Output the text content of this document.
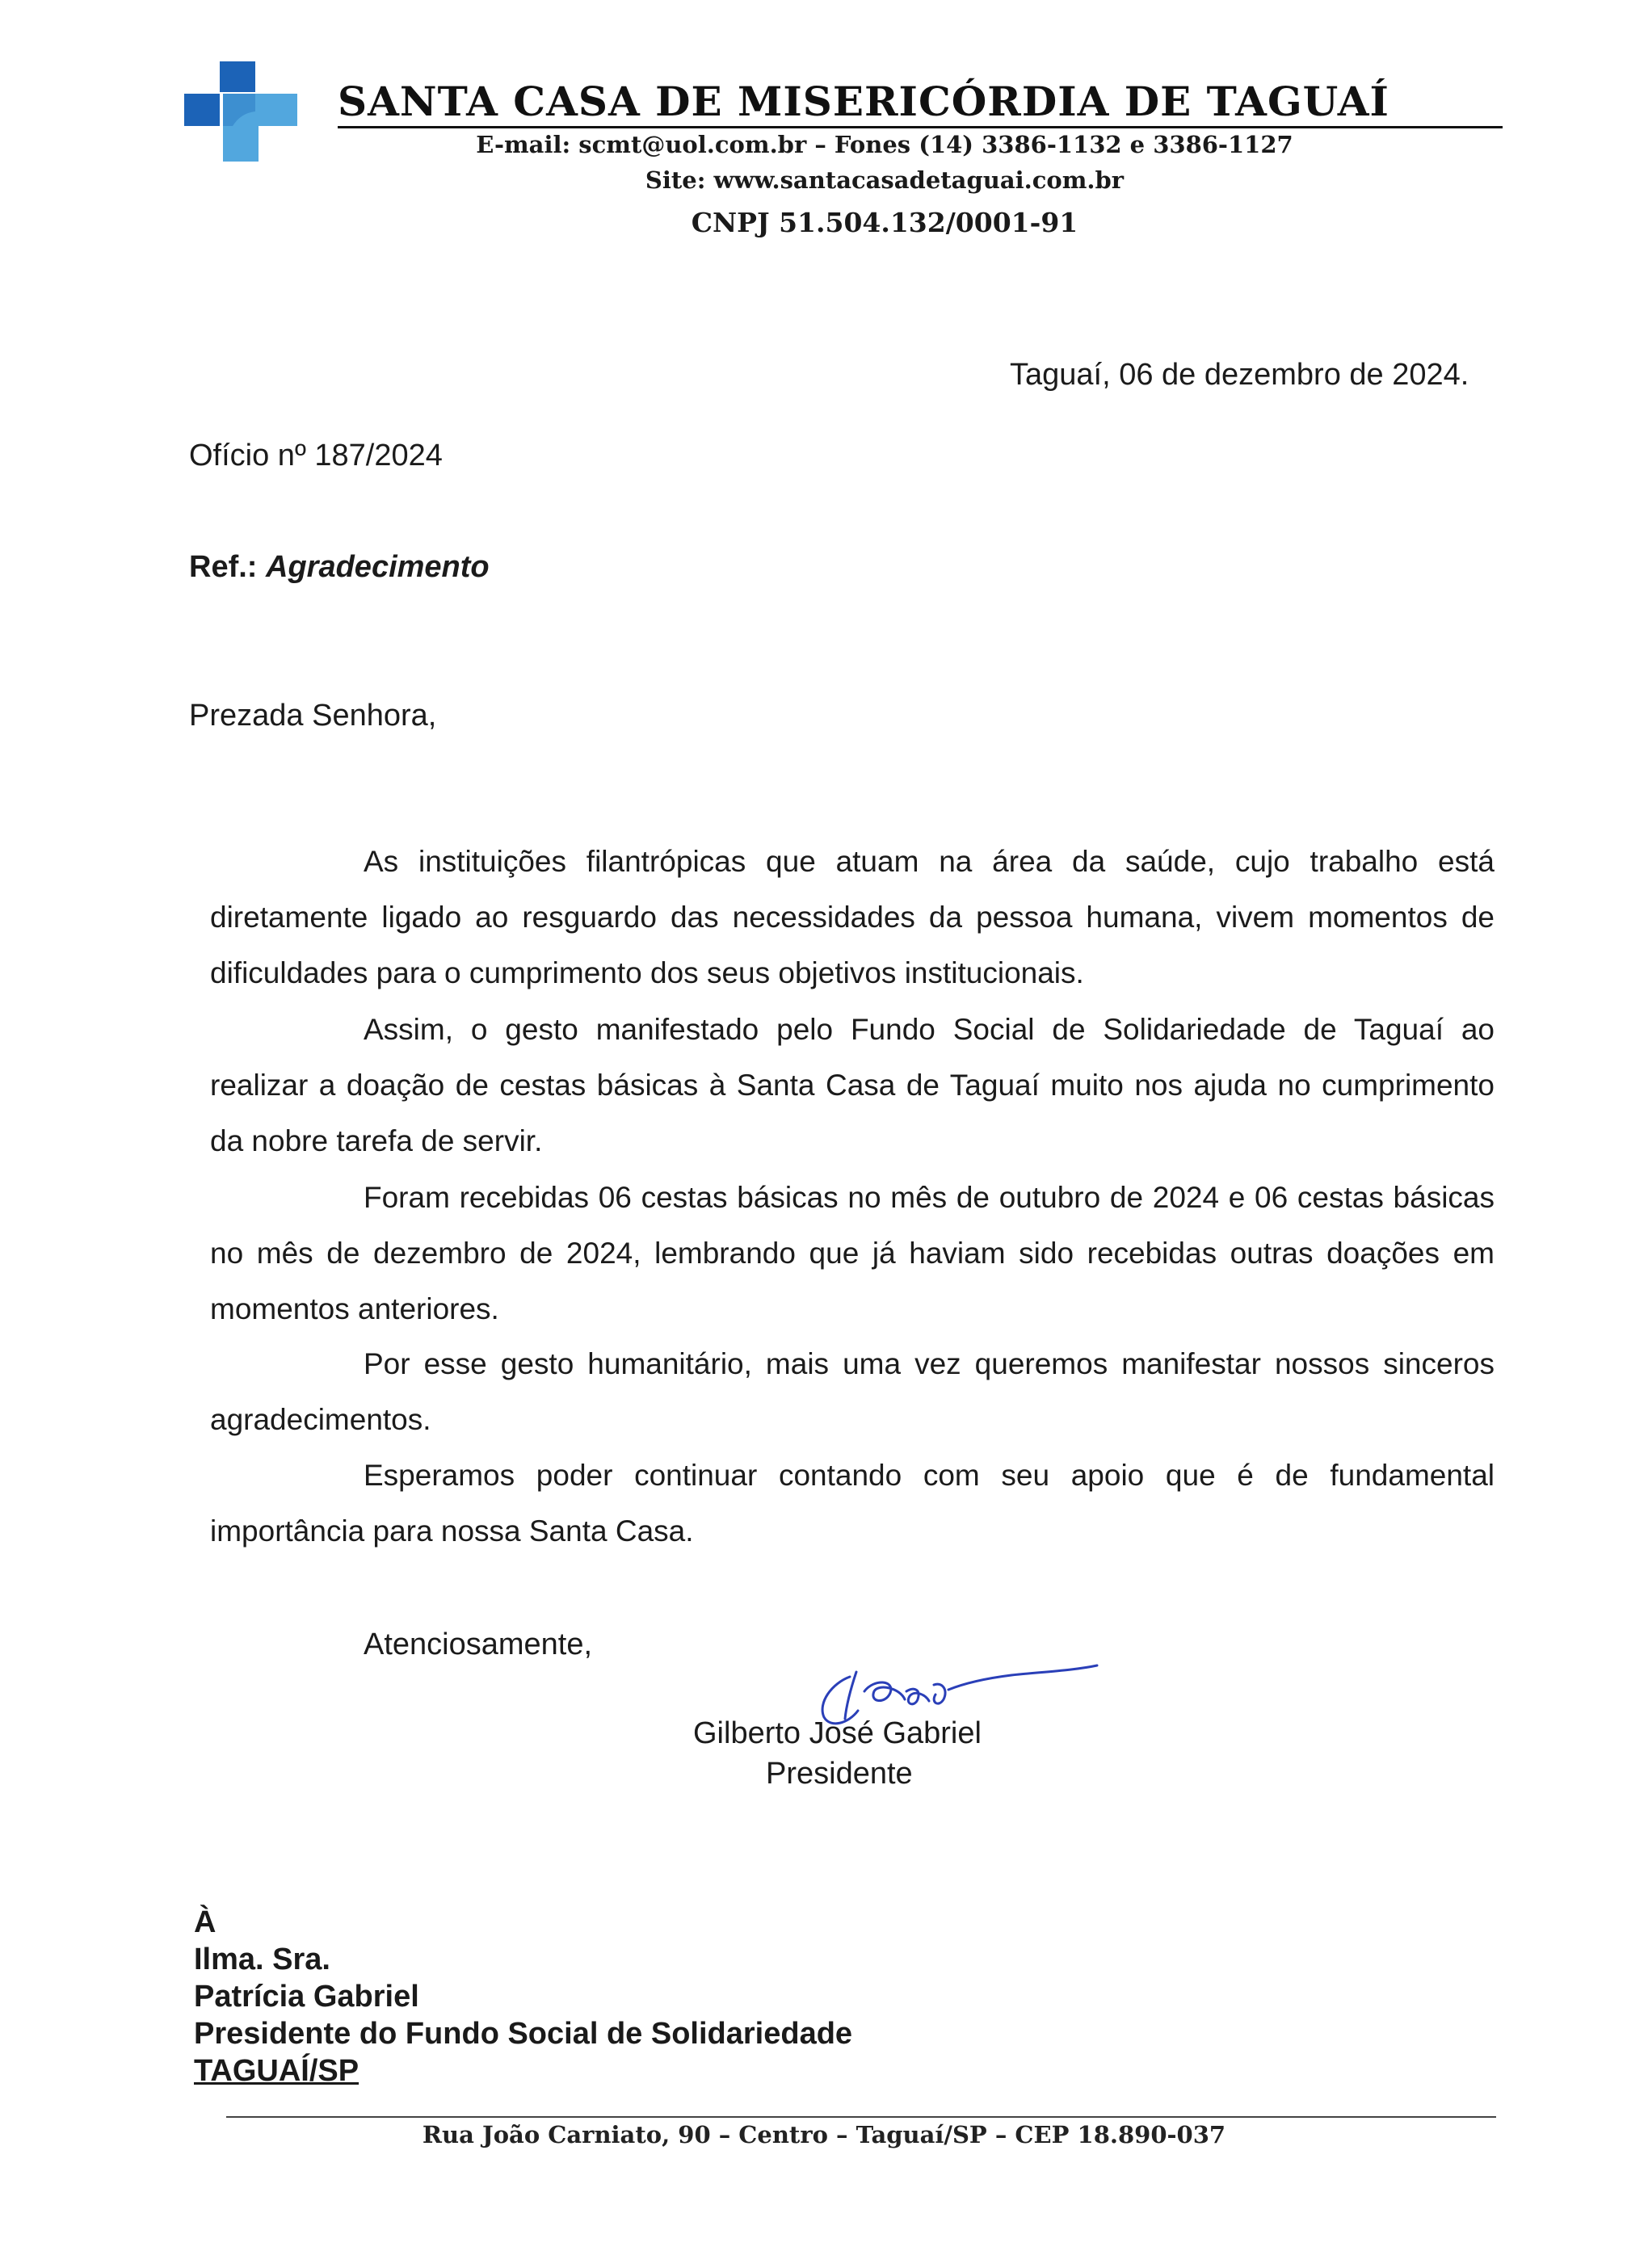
SANTA CASA DE MISERICÓRDIA DE TAGUAÍ
E-mail: scmt@uol.com.br – Fones (14) 3386-1132 e 3386-1127
Site: www.santacasadetaguai.com.br
CNPJ 51.504.132/0001-91
Taguaí, 06 de dezembro de 2024.
Ofício nº 187/2024
Ref.: Agradecimento
Prezada Senhora,
As instituições filantrópicas que atuam na área da saúde, cujo trabalho está diretamente ligado ao resguardo das necessidades da pessoa humana, vivem momentos de dificuldades para o cumprimento dos seus objetivos institucionais.
Assim, o gesto manifestado pelo Fundo Social de Solidariedade de Taguaí ao realizar a doação de cestas básicas à Santa Casa de Taguaí muito nos ajuda no cumprimento da nobre tarefa de servir.
Foram recebidas 06 cestas básicas no mês de outubro de 2024 e 06 cestas básicas no mês de dezembro de 2024, lembrando que já haviam sido recebidas outras doações em momentos anteriores.
Por esse gesto humanitário, mais uma vez queremos manifestar nossos sinceros agradecimentos.
Esperamos poder continuar contando com seu apoio que é de fundamental importância para nossa Santa Casa.
Atenciosamente,
Gilberto José Gabriel
Presidente
À
Ilma. Sra.
Patrícia Gabriel
Presidente do Fundo Social de Solidariedade
TAGUAÍ/SP
Rua João Carniato, 90 – Centro – Taguaí/SP – CEP 18.890-037
